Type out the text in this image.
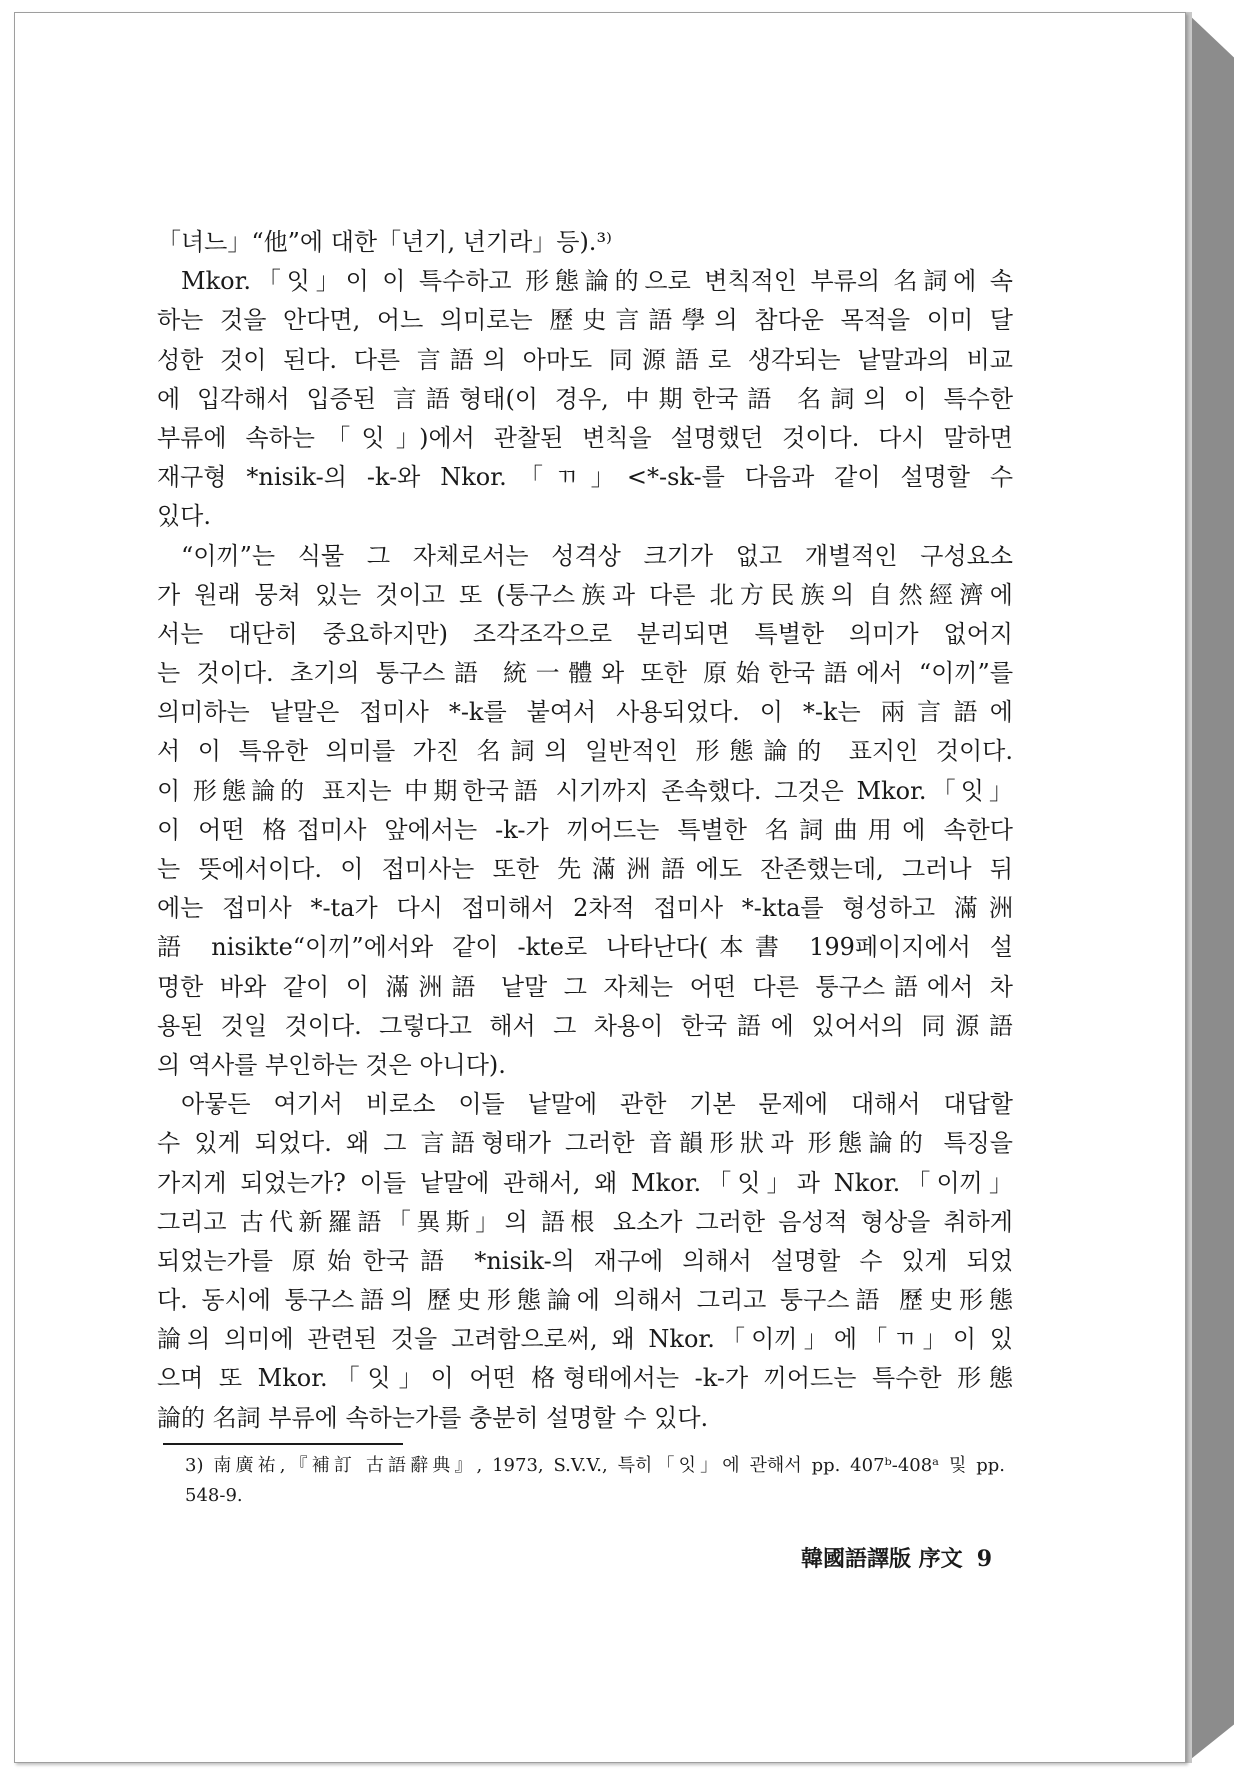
「녀느」“他”에 대한「년기, 년기라」등).³⁾
Mkor.「잇」이 이 특수하고 形態論的으로 변칙적인 부류의 名詞에 속
하는 것을 안다면, 어느 의미로는 歷史言語學의 참다운 목적을 이미 달
성한 것이 된다. 다른 言語의 아마도 同源語로 생각되는 낱말과의 비교
에 입각해서 입증된 言語형태(이 경우, 中期한국語 名詞의 이 특수한
부류에 속하는「잇」)에서 관찰된 변칙을 설명했던 것이다. 다시 말하면
재구형 *nisik-의 -k-와 Nkor.「ㄲ」<*-sk-를 다음과 같이 설명할 수
있다.
“이끼”는 식물 그 자체로서는 성격상 크기가 없고 개별적인 구성요소
가 원래 뭉쳐 있는 것이고 또 (퉁구스族과 다른 北方民族의 自然經濟에
서는 대단히 중요하지만) 조각조각으로 분리되면 특별한 의미가 없어지
는 것이다. 초기의 퉁구스語 統一體와 또한 原始한국語에서 “이끼”를
의미하는 낱말은 접미사 *-k를 붙여서 사용되었다. 이 *-k는 兩言語에
서 이 특유한 의미를 가진 名詞의 일반적인 形態論的 표지인 것이다.
이 形態論的 표지는 中期한국語 시기까지 존속했다. 그것은 Mkor.「잇」
이 어떤 格접미사 앞에서는 -k-가 끼어드는 특별한 名詞曲用에 속한다
는 뜻에서이다. 이 접미사는 또한 先滿洲語에도 잔존했는데, 그러나 뒤
에는 접미사 *-ta가 다시 접미해서 2차적 접미사 *-kta를 형성하고 滿洲
語 nisikte“이끼”에서와 같이 -kte로 나타난다(本書 199페이지에서 설
명한 바와 같이 이 滿洲語 낱말 그 자체는 어떤 다른 퉁구스語에서 차
용된 것일 것이다. 그렇다고 해서 그 차용이 한국語에 있어서의 同源語
의 역사를 부인하는 것은 아니다).
아뭏든 여기서 비로소 이들 낱말에 관한 기본 문제에 대해서 대답할
수 있게 되었다. 왜 그 言語형태가 그러한 音韻形狀과 形態論的 특징을
가지게 되었는가? 이들 낱말에 관해서, 왜 Mkor.「잇」과 Nkor.「이끼」
그리고 古代新羅語「異斯」의 語根 요소가 그러한 음성적 형상을 취하게
되었는가를 原始한국語 *nisik-의 재구에 의해서 설명할 수 있게 되었
다. 동시에 퉁구스語의 歷史形態論에 의해서 그리고 퉁구스語 歷史形態
論의 의미에 관련된 것을 고려함으로써, 왜 Nkor.「이끼」에「ㄲ」이 있
으며 또 Mkor.「잇」이 어떤 格형태에서는 -k-가 끼어드는 특수한 形態
論的 名詞 부류에 속하는가를 충분히 설명할 수 있다.
3) 南廣祐,『補訂 古語辭典』, 1973, S.V.V., 특히「잇」에 관해서 pp. 407ᵇ-408ᵃ 및 pp.
548-9.
韓國語譯版 序文 9
